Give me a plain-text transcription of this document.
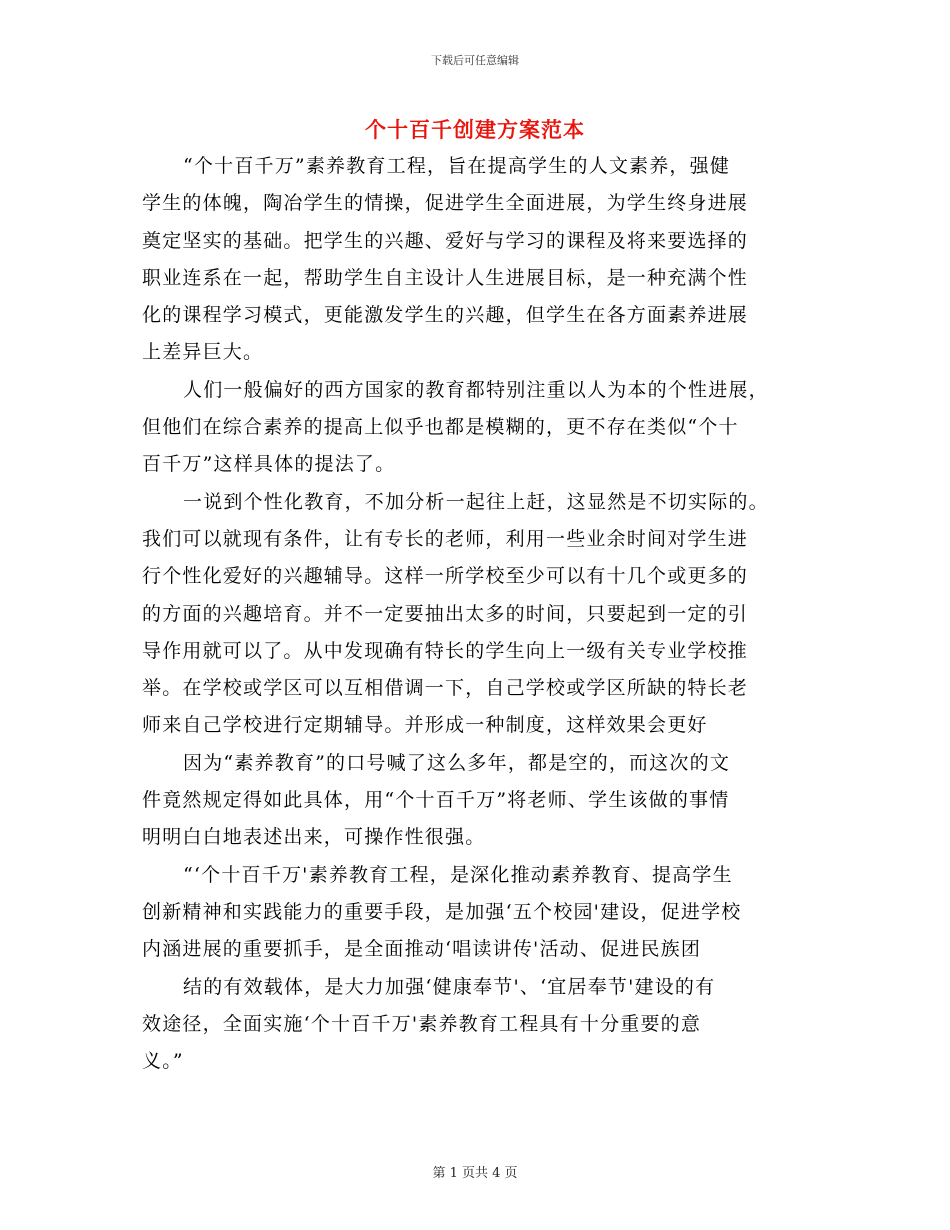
下载后可任意编辑
个十百千创建方案范本

“个十百千万”素养教育工程，旨在提高学生的人文素养，强健
学生的体魄，陶冶学生的情操，促进学生全面进展，为学生终身进展
奠定坚实的基础。把学生的兴趣、爱好与学习的课程及将来要选择的
职业连系在一起，帮助学生自主设计人生进展目标，是一种充满个性
化的课程学习模式，更能激发学生的兴趣，但学生在各方面素养进展
上差异巨大。

人们一般偏好的西方国家的教育都特别注重以人为本的个性进展，
但他们在综合素养的提高上似乎也都是模糊的，更不存在类似“个十
百千万”这样具体的提法了。

一说到个性化教育，不加分析一起往上赶，这显然是不切实际的。
我们可以就现有条件，让有专长的老师，利用一些业余时间对学生进
行个性化爱好的兴趣辅导。这样一所学校至少可以有十几个或更多的
的方面的兴趣培育。并不一定要抽出太多的时间，只要起到一定的引
导作用就可以了。从中发现确有特长的学生向上一级有关专业学校推
举。在学校或学区可以互相借调一下，自己学校或学区所缺的特长老
师来自己学校进行定期辅导。并形成一种制度，这样效果会更好

因为“素养教育”的口号喊了这么多年，都是空的，而这次的文
件竟然规定得如此具体，用“个十百千万”将老师、学生该做的事情
明明白白地表述出来，可操作性很强。

“‘个十百千万'素养教育工程，是深化推动素养教育、提高学生
创新精神和实践能力的重要手段，是加强‘五个校园'建设，促进学校
内涵进展的重要抓手，是全面推动‘唱读讲传'活动、促进民族团

结的有效载体，是大力加强‘健康奉节'、‘宜居奉节'建设的有
效途径，全面实施‘个十百千万'素养教育工程具有十分重要的意
义。”

第 1 页共 4 页
